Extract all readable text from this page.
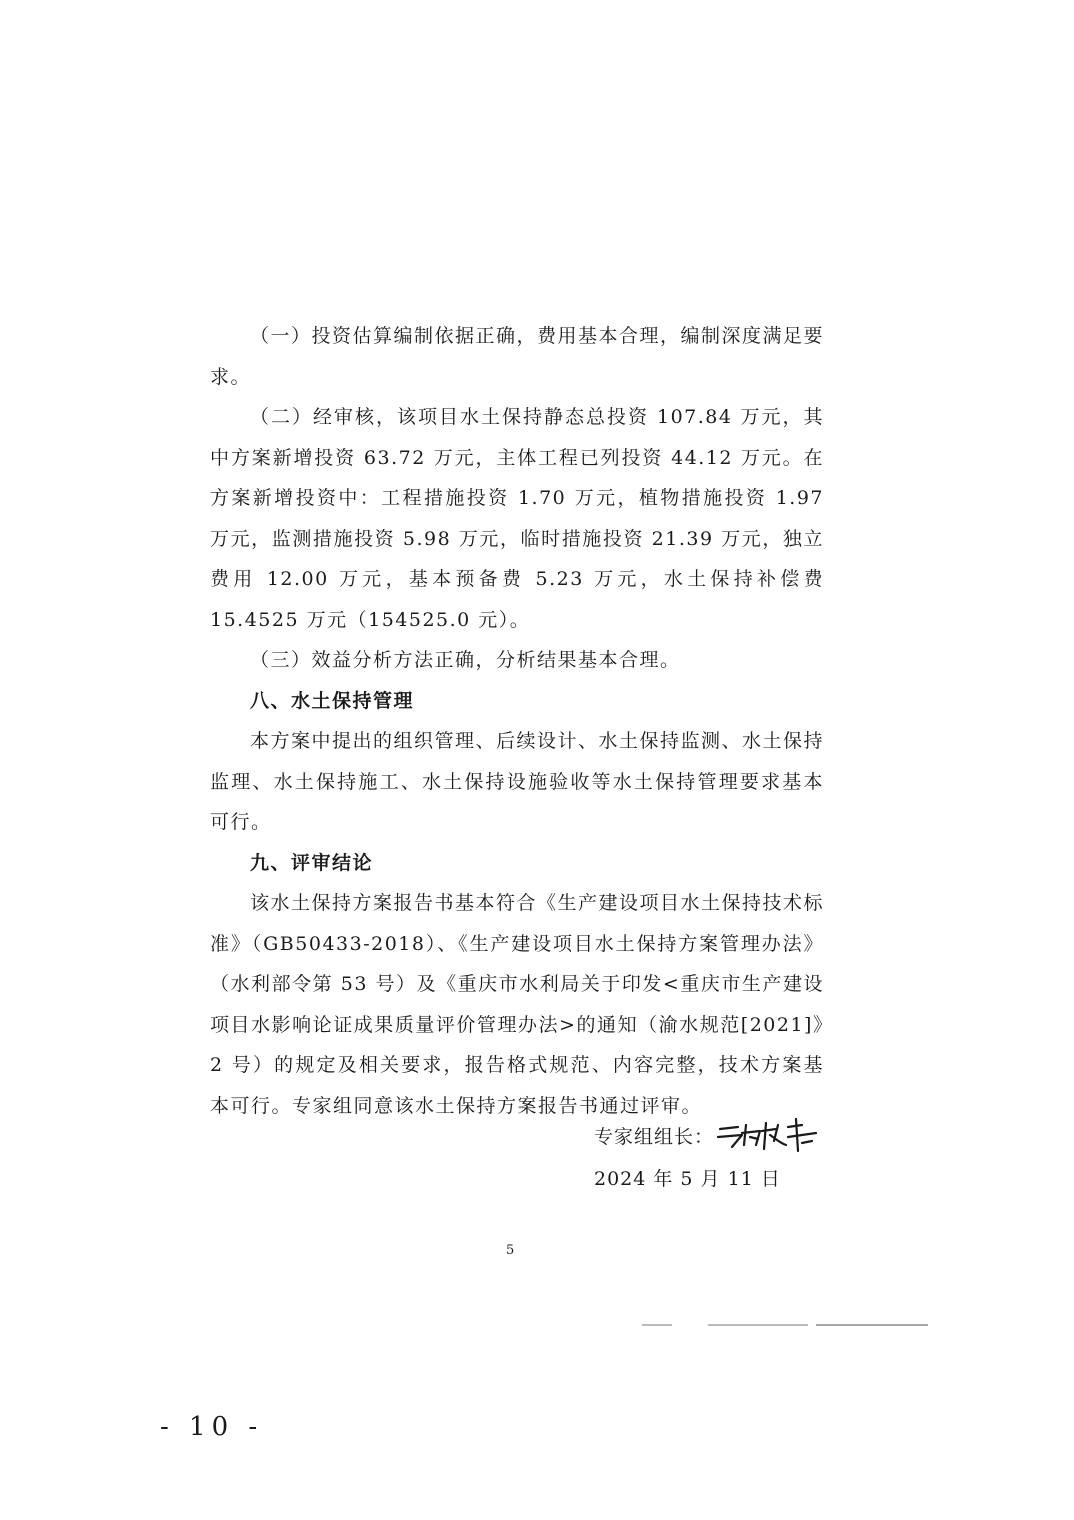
（一）投资估算编制依据正确，费用基本合理，编制深度满足要求。

（二）经审核，该项目水土保持静态总投资 107.84 万元，其中方案新增投资 63.72 万元，主体工程已列投资 44.12 万元。在方案新增投资中：工程措施投资 1.70 万元，植物措施投资 1.97 万元，监测措施投资 5.98 万元，临时措施投资 21.39 万元，独立费用 12.00 万元，基本预备费 5.23 万元，水土保持补偿费 15.4525 万元（154525.0 元）。

（三）效益分析方法正确，分析结果基本合理。

八、水土保持管理

本方案中提出的组织管理、后续设计、水土保持监测、水土保持监理、水土保持施工、水土保持设施验收等水土保持管理要求基本可行。

九、评审结论

该水土保持方案报告书基本符合《生产建设项目水土保持技术标准》（GB50433-2018）、《生产建设项目水土保持方案管理办法》（水利部令第 53 号）及《重庆市水利局关于印发<重庆市生产建设项目水影响论证成果质量评价管理办法>的通知（渝水规范[2021]》2 号）的规定及相关要求，报告格式规范、内容完整，技术方案基本可行。专家组同意该水土保持方案报告书通过评审。

专家组组长：
2024 年 5 月 11 日
5
- 10 -
